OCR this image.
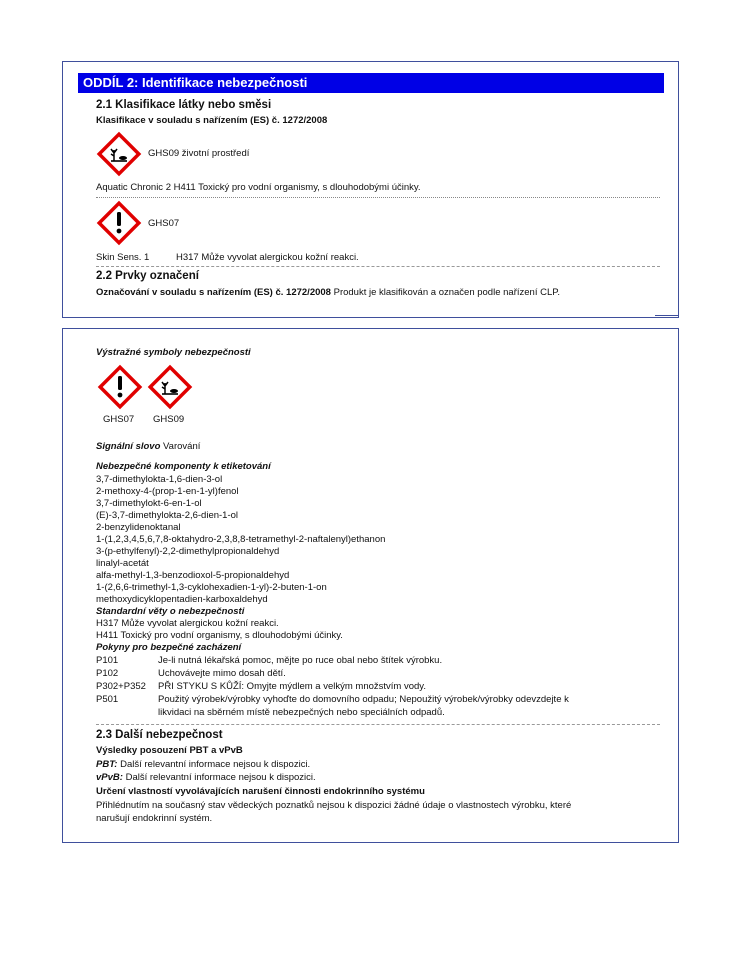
ODDÍL 2: Identifikace nebezpečnosti
2.1 Klasifikace látky nebo směsi
Klasifikace v souladu s nařízením (ES) č. 1272/2008
GHS09 životní prostředí
Aquatic Chronic 2 H411 Toxický pro vodní organismy, s dlouhodobými účinky.
GHS07
Skin Sens. 1	H317 Může vyvolat alergickou kožní reakci.
2.2 Prvky označení
Označování v souladu s nařízením (ES) č. 1272/2008 Produkt je klasifikován a označen podle nařízení CLP.
Výstražné symboly nebezpečnosti
GHS07 GHS09
Signální slovo Varování
Nebezpečné komponenty k etiketování
3,7-dimethylokta-1,6-dien-3-ol
2-methoxy-4-(prop-1-en-1-yl)fenol
3,7-dimethylokt-6-en-1-ol
(E)-3,7-dimethylokta-2,6-dien-1-ol
2-benzylidenoktanal
1-(1,2,3,4,5,6,7,8-oktahydro-2,3,8,8-tetramethyl-2-naftalenyl)ethanon
3-(p-ethylfenyl)-2,2-dimethylpropionaldehyd
linalyl-acetát
alfa-methyl-1,3-benzodioxol-5-propionaldehyd
1-(2,6,6-trimethyl-1,3-cyklohexadien-1-yl)-2-buten-1-on
methoxydicyklopentadien-karboxaldehyd
Standardní věty o nebezpečnosti
H317 Může vyvolat alergickou kožní reakci.
H411 Toxický pro vodní organismy, s dlouhodobými účinky.
Pokyny pro bezpečné zacházení
P101	Je-li nutná lékařská pomoc, mějte po ruce obal nebo štítek výrobku.
P102	Uchovávejte mimo dosah dětí.
P302+P352 PŘI STYKU S KŮŽÍ: Omyjte mýdlem a velkým množstvím vody.
P501	Použitý výrobek/výrobky vyhoďte do domovního odpadu; Nepoužitý výrobek/výrobky odevzdejte k
likvidaci na sběrném místě nebezpečných nebo speciálních odpadů.
2.3 Další nebezpečnost
Výsledky posouzení PBT a vPvB
PBT: Další relevantní informace nejsou k dispozici.
vPvB: Další relevantní informace nejsou k dispozici.
Určení vlastností vyvolávajících narušení činnosti endokrinního systému
Přihlédnutím na současný stav vědeckých poznatků nejsou k dispozici žádné údaje o vlastnostech výrobku, které
narušují endokrinní systém.
